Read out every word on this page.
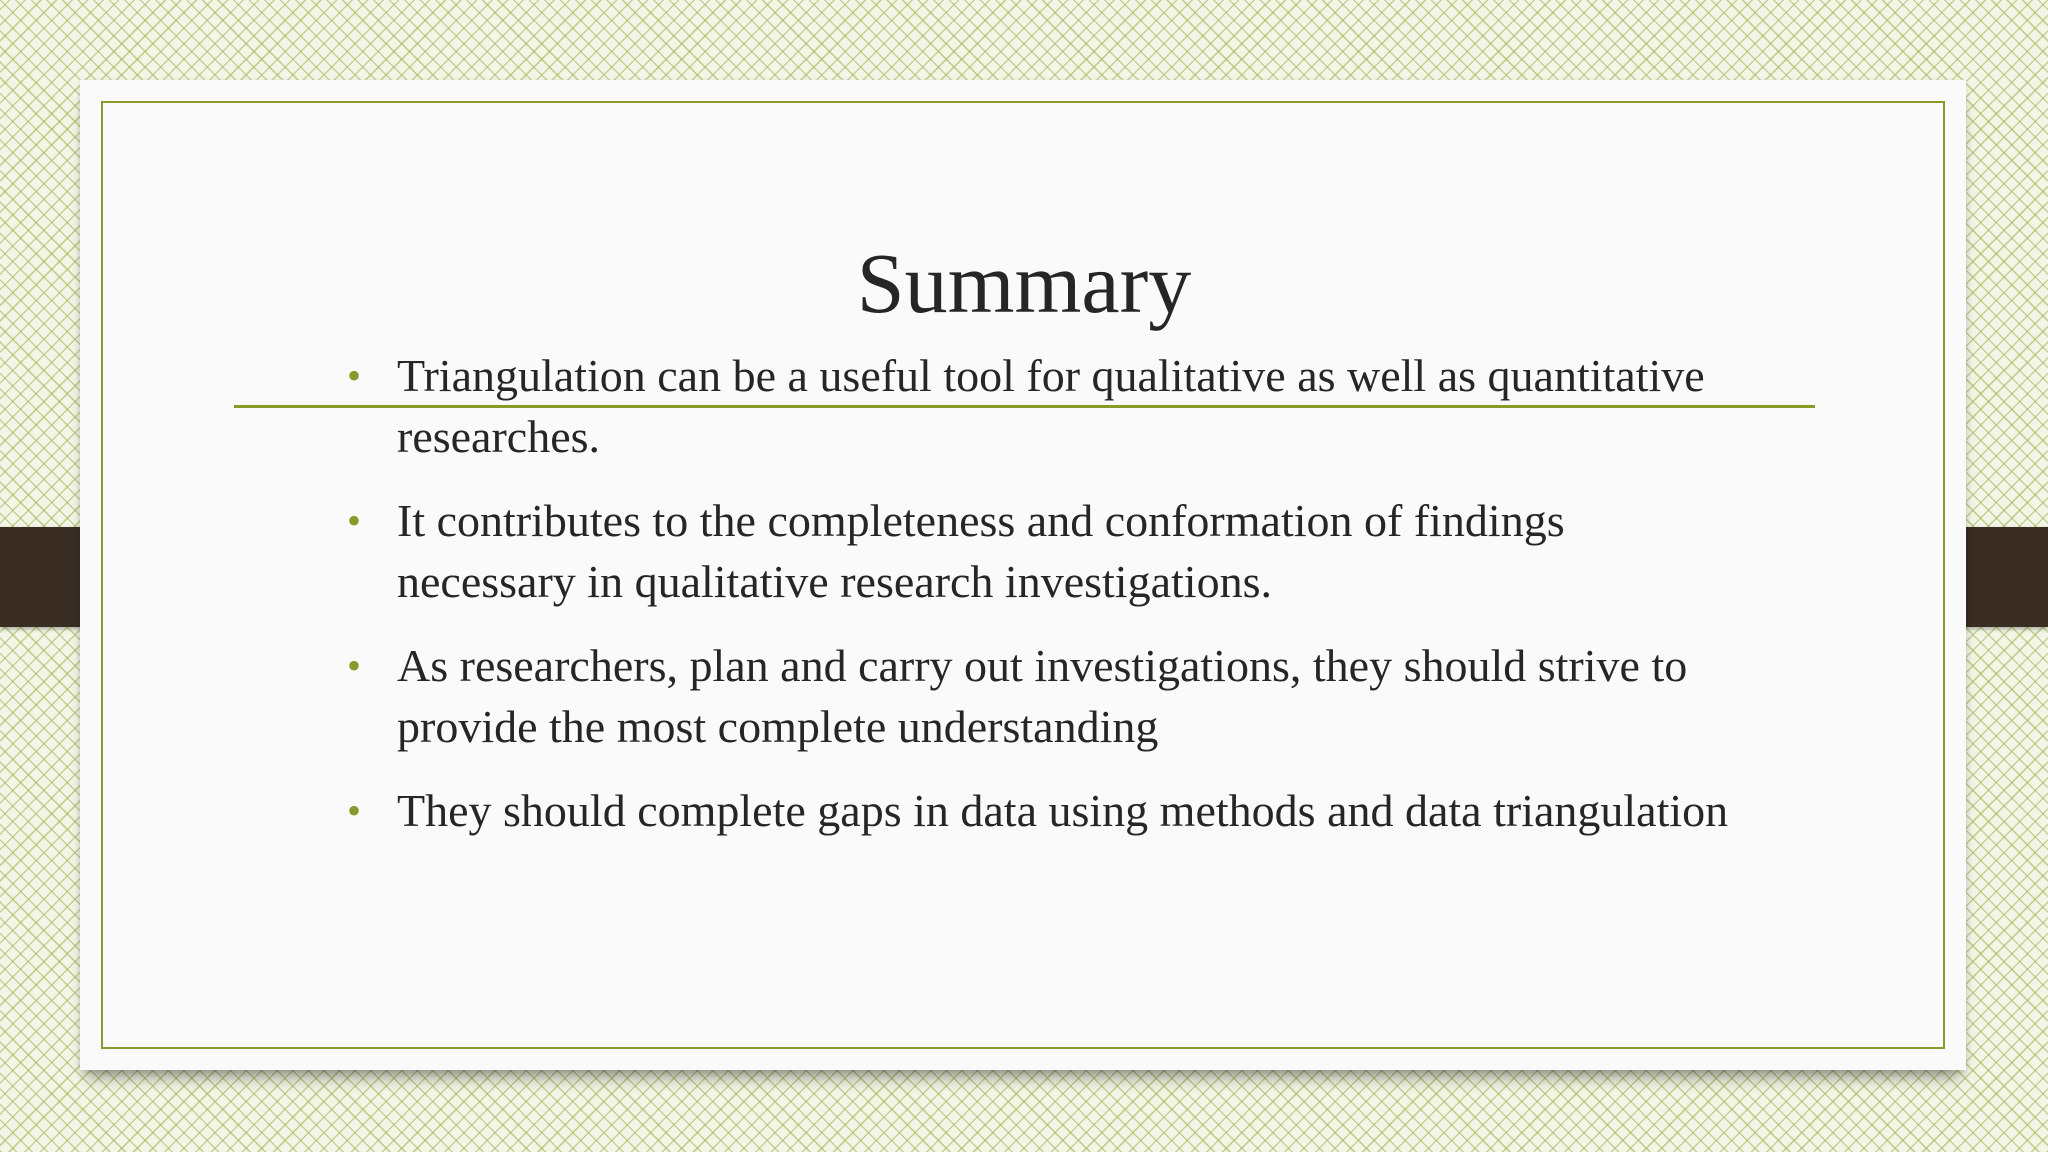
Summary
• Triangulation can be a useful tool for qualitative as well as quantitative researches.
• It contributes to the completeness and conformation of findings necessary in qualitative research investigations.
• As researchers, plan and carry out investigations, they should strive to provide the most complete understanding
• They should complete gaps in data using methods and data triangulation
